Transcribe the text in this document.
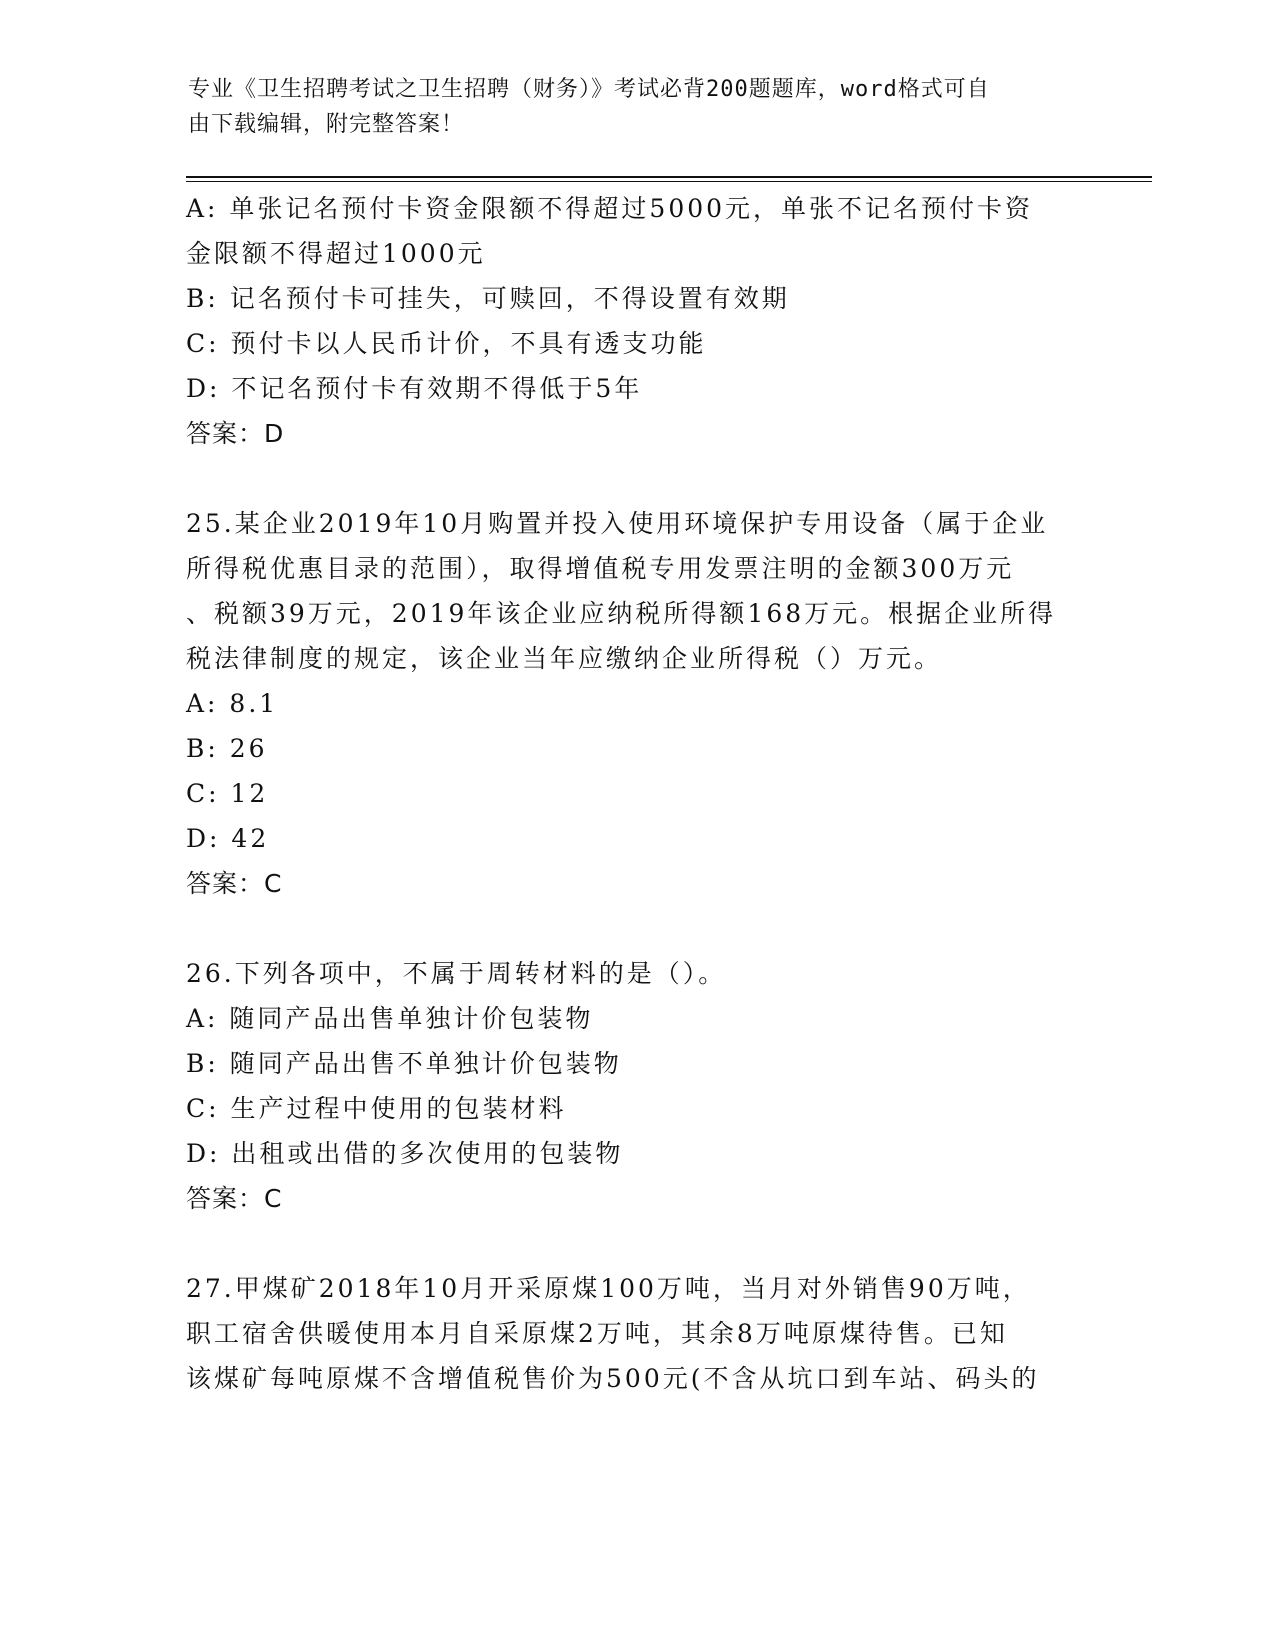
专业《卫生招聘考试之卫生招聘（财务）》考试必背200题题库，word格式可自
由下载编辑，附完整答案！
A: 单张记名预付卡资金限额不得超过5000元，单张不记名预付卡资
金限额不得超过1000元
B: 记名预付卡可挂失，可赎回，不得设置有效期
C: 预付卡以人民币计价，不具有透支功能
D: 不记名预付卡有效期不得低于5年
答案：D
25.某企业2019年10月购置并投入使用环境保护专用设备（属于企业
所得税优惠目录的范围），取得增值税专用发票注明的金额300万元
、税额39万元，2019年该企业应纳税所得额168万元。根据企业所得
税法律制度的规定，该企业当年应缴纳企业所得税（）万元。
A: 8.1
B: 26
C: 12
D: 42
答案：C
26.下列各项中，不属于周转材料的是（）。
A: 随同产品出售单独计价包装物
B: 随同产品出售不单独计价包装物
C: 生产过程中使用的包装材料
D: 出租或出借的多次使用的包装物
答案：C
27.甲煤矿2018年10月开采原煤100万吨，当月对外销售90万吨，
职工宿舍供暖使用本月自采原煤2万吨，其余8万吨原煤待售。已知
该煤矿每吨原煤不含增值税售价为500元(不含从坑口到车站、码头的
